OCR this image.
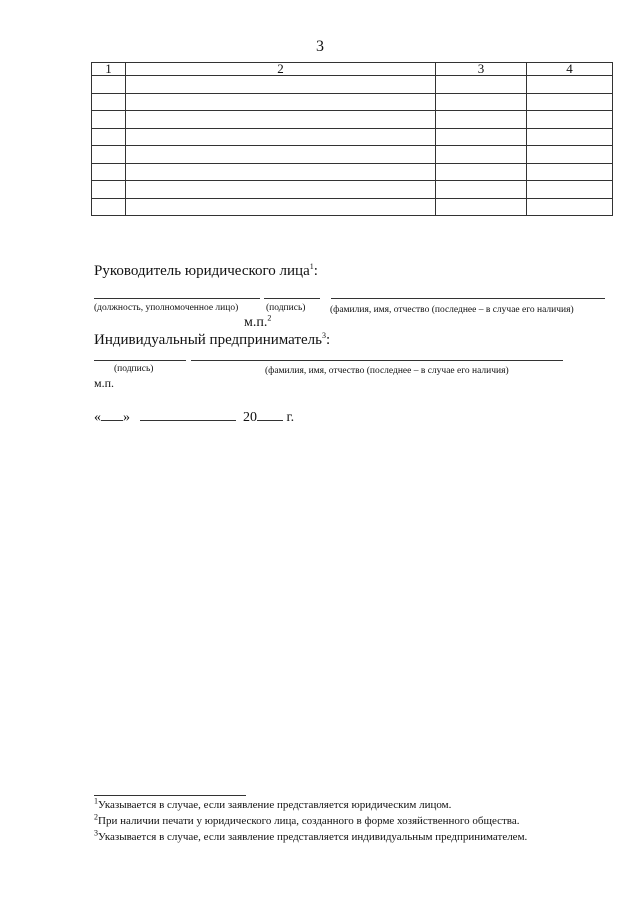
3
1	2	3	4

Руководитель юридического лица$^1$:
(должность, уполномоченное лицо)	(подпись)	(фамилия, имя, отчество (последнее – в случае его наличия)
м.п.$^2$
Индивидуальный предприниматель$^3$:
(подпись)	(фамилия, имя, отчество (последнее – в случае его наличия)
м.п.
« »	20 г.
$^1$Указывается в случае, если заявление представляется юридическим лицом.
$^2$При наличии печати у юридического лица, созданного в форме хозяйственного общества.
$^3$Указывается в случае, если заявление представляется индивидуальным предпринимателем.
